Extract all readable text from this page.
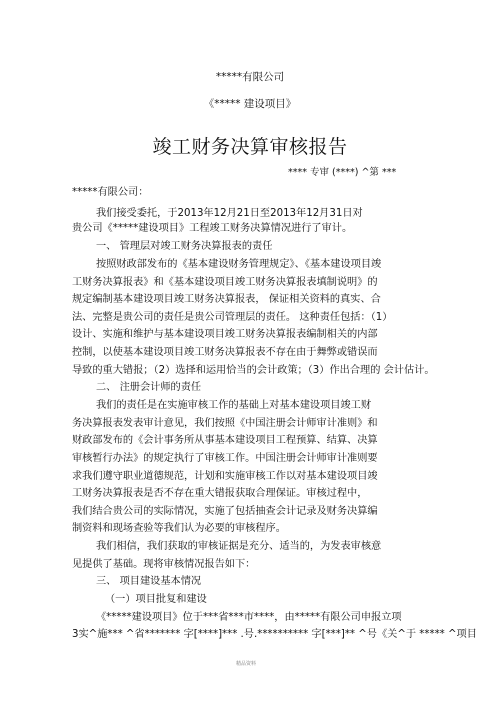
*****有限公司
《***** 建设项目》
竣工财务决算审核报告
**** 专审 (****) ^第 ***
*****有限公司：
我们接受委托，于2013年12月21日至2013年12月31日对
贵公司《*****建设项目》工程竣工财务决算情况进行了审计。
一、 管理层对竣工财务决算报表的责任
按照财政部发布的《基本建设财务管理规定》、《基本建设项目竣
工财务决算报表》和《基本建设项目竣工财务决算报表填制说明》的
规定编制基本建设项目竣工财务决算报表， 保证相关资料的真实、合
法、完整是贵公司的责任是贵公司管理层的责任。 这种责任包括：（1）
设计、实施和维护与基本建设项目竣工财务决算报表编制相关的内部
控制，以使基本建设项目竣工财务决算报表不存在由于舞弊或错误而
导致的重大错报；（2）选择和运用恰当的会计政策；（3）作出合理的 会计估计。
二、 注册会计师的责任
我们的责任是在实施审核工作的基础上对基本建设项目竣工财
务决算报表发表审计意见，我们按照《中国注册会计师审计准则》和
财政部发布的《会计事务所从事基本建设项目工程预算、结算、决算
审核暂行办法》的规定执行了审核工作。中国注册会计师审计准则要
求我们遵守职业道德规范，计划和实施审核工作以对基本建设项目竣
工财务决算报表是否不存在重大错报获取合理保证。审核过程中，
我们结合贵公司的实际情况，实施了包括抽查会计记录及财务决算编
制资料和现场查验等我们认为必要的审核程序。
我们相信，我们获取的审核证据是充分、适当的，为发表审核意
见提供了基础。现将审核情况报告如下：
三、 项目建设基本情况
（一）项目批复和建设
《*****建设项目》位于***省***市****，由*****有限公司申报立项
3实^施*** ^省******* 字[****]*** .号.********** 字[***]** ^号《关^于 ***** ^项目
精品资料
